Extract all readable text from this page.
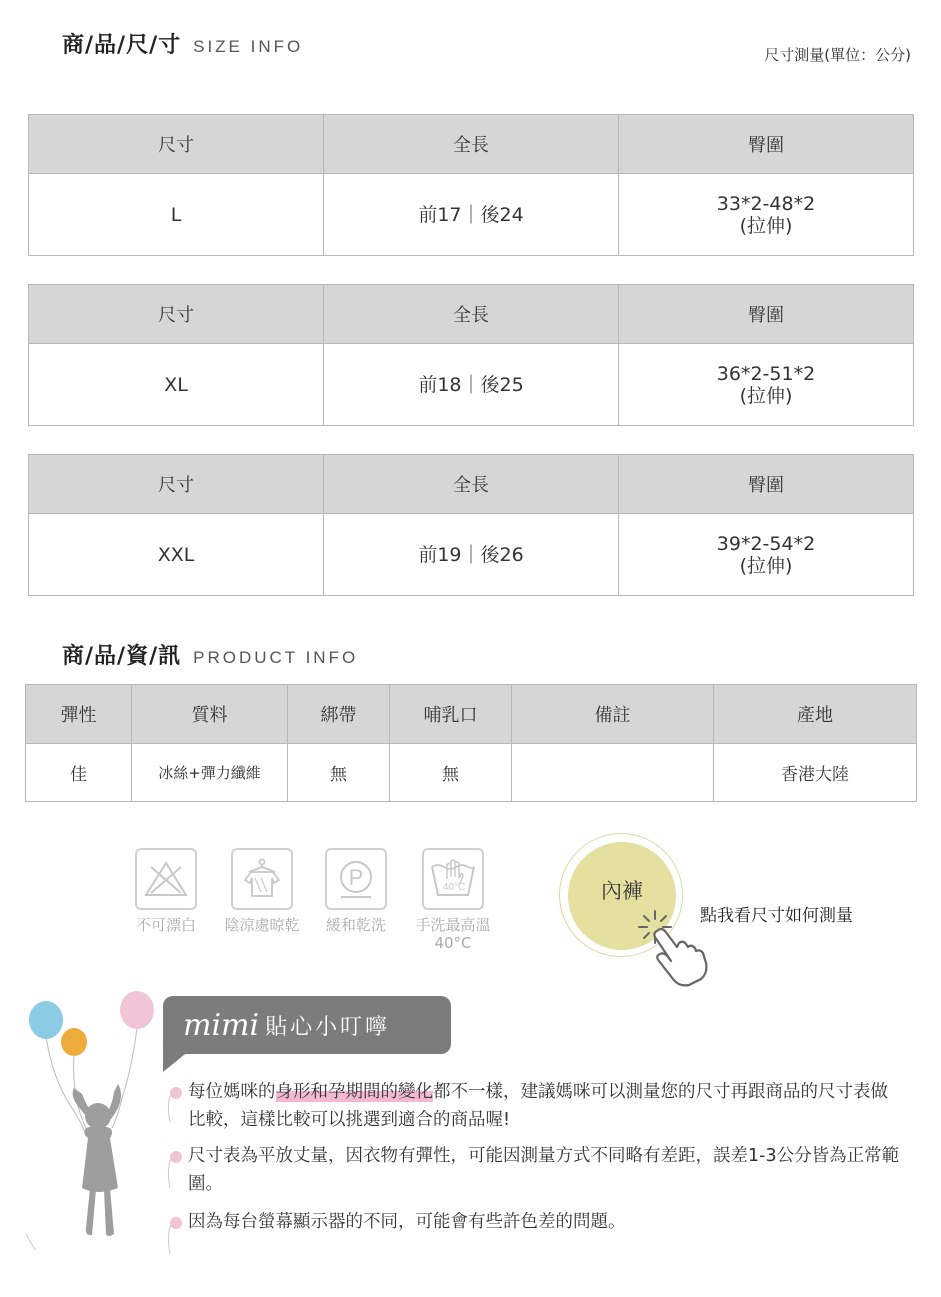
商/品/尺/寸 SIZE INFO	尺寸測量(單位：公分)
尺寸	全長	臀圍
L	前17｜後24	33*2-48*2
(拉伸)
尺寸	全長	臀圍
XL	前18｜後25	36*2-51*2
(拉伸)
尺寸	全長	臀圍
XXL	前19｜後26	39*2-54*2
(拉伸)
商/品/資/訊 PRODUCT INFO
彈性	質料	綁帶	哺乳口	備註	產地
佳	冰絲+彈力纖維	無	無		香港大陸
不可漂白	陰涼處晾乾
P
緩和乾洗
40°C
手洗最高溫
40°C
內褲
點我看尺寸如何測量
mimi 貼心小叮嚀
每位媽咪的身形和孕期間的變化都不一樣，建議媽咪可以測量您的尺寸再跟商品的尺寸表做比較，這樣比較可以挑選到適合的商品喔!
尺寸表為平放丈量，因衣物有彈性，可能因測量方式不同略有差距，誤差1-3公分皆為正常範圍。
因為每台螢幕顯示器的不同，可能會有些許色差的問題。
